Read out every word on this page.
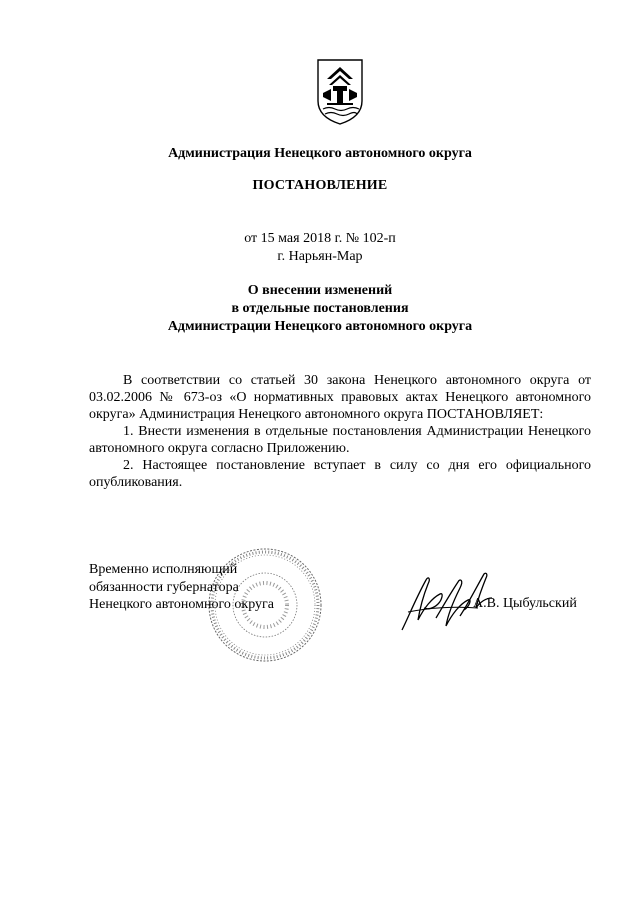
Администрация Ненецкого автономного округа
ПОСТАНОВЛЕНИЕ
от 15 мая 2018 г. № 102-п
г. Нарьян-Мар
О внесении изменений
в отдельные постановления
Администрации Ненецкого автономного округа

В соответствии со статьей 30 закона Ненецкого автономного округа от 03.02.2006 № 673-оз «О нормативных правовых актах Ненецкого автономного округа» Администрация Ненецкого автономного округа ПОСТАНОВЛЯЕТ:

1. Внести изменения в отдельные постановления Администрации Ненецкого автономного округа согласно Приложению.

2. Настоящее постановление вступает в силу со дня его официального опубликования.

Временно исполняющий
обязанности губернатора
Ненецкого автономного округа	А.В. Цыбульский
